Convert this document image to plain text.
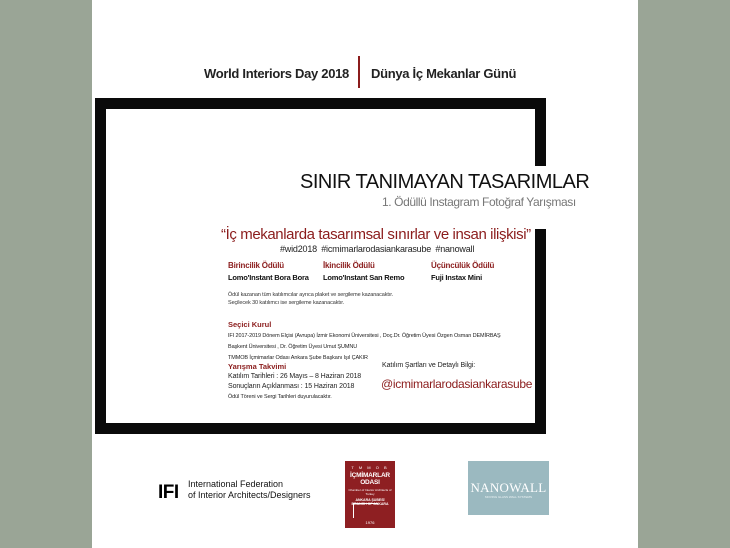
World Interiors Day 2018 Dünya İç Mekanlar Günü
SINIR TANIMAYAN TASARIMLAR
1. Ödüllü Instagram Fotoğraf Yarışması
“İç mekanlarda tasarımsal sınırlar ve insan ilişkisi”
#wid2018 #icmimarlarodasiankarasube #nanowall
Birincilik Ödülü
Lomo'Instant Bora Bora
İkincilik Ödülü
Lomo'Instant San Remo
Üçüncülük Ödülü
Fuji Instax Mini
Ödül kazanan tüm katılımcılar ayrıca plaket ve sergileme kazanacaktır.
Seçilecek 30 katılımcı ise sergileme kazanacaktır.
Seçici Kurul
IFI 2017-2019 Dönem Elçisi (Avrupa) İzmir Ekonomi Üniversitesi , Doç.Dr. Öğretim Üyesi Özgen Osman DEMİRBAŞ
Başkent Üniversitesi , Dr. Öğretim Üyesi Umut ŞUMNU
TMMOB İçmimarlar Odası Ankara Şube Başkanı Işıl ÇAKIR
Yarışma Takvimi
Katılım Tarihleri : 26 Mayıs – 8 Haziran 2018
Sonuçların Açıklanması : 15 Haziran 2018
Ödül Töreni ve Sergi Tarihleri duyurulacaktır.
Katılım Şartları ve Detaylı Bilgi:
@icmimarlarodasiankarasube
IFI International Federation
of Interior Architects/Designers
T M M O B
İÇMİMARLAR ODASI
Chamber of Interior Architects of Turkey
ANKARA ŞUBESİ
BRANCH OF ANKARA
1976
NANOWALL
MOVING GLASS WALL SYSTEMS
